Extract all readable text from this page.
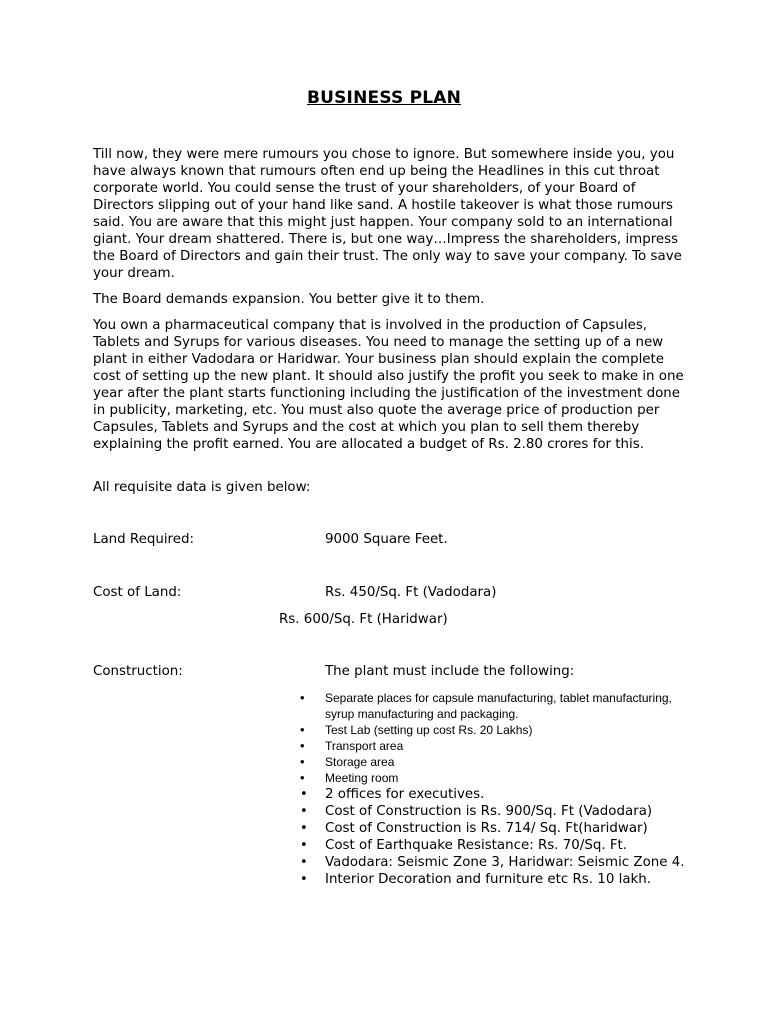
BUSINESS PLAN

Till now, they were mere rumours you chose to ignore. But somewhere inside you, you have always known that rumours often end up being the Headlines in this cut throat corporate world. You could sense the trust of your shareholders, of your Board of Directors slipping out of your hand like sand. A hostile takeover is what those rumours said. You are aware that this might just happen. Your company sold to an international giant. Your dream shattered. There is, but one way…Impress the shareholders, impress the Board of Directors and gain their trust. The only way to save your company. To save your dream.

The Board demands expansion. You better give it to them.

You own a pharmaceutical company that is involved in the production of Capsules, Tablets and Syrups for various diseases. You need to manage the setting up of a new plant in either Vadodara or Haridwar. Your business plan should explain the complete cost of setting up the new plant. It should also justify the profit you seek to make in one year after the plant starts functioning including the justification of the investment done in publicity, marketing, etc. You must also quote the average price of production per Capsules, Tablets and Syrups and the cost at which you plan to sell them thereby explaining the profit earned. You are allocated a budget of Rs. 2.80 crores for this.

All requisite data is given below:

Land Required:	9000 Square Feet.
Cost of Land:	Rs. 450/Sq. Ft (Vadodara)
Rs. 600/Sq. Ft (Haridwar)
Construction:	The plant must include the following:
• Separate places for capsule manufacturing, tablet manufacturing, syrup manufacturing and packaging.
• Test Lab (setting up cost Rs. 20 Lakhs)
• Transport area
• Storage area
• Meeting room
• 2 offices for executives.
• Cost of Construction is Rs. 900/Sq. Ft (Vadodara)
• Cost of Construction is Rs. 714/ Sq. Ft(haridwar)
• Cost of Earthquake Resistance: Rs. 70/Sq. Ft.
• Vadodara: Seismic Zone 3, Haridwar: Seismic Zone 4.
• Interior Decoration and furniture etc Rs. 10 lakh.
